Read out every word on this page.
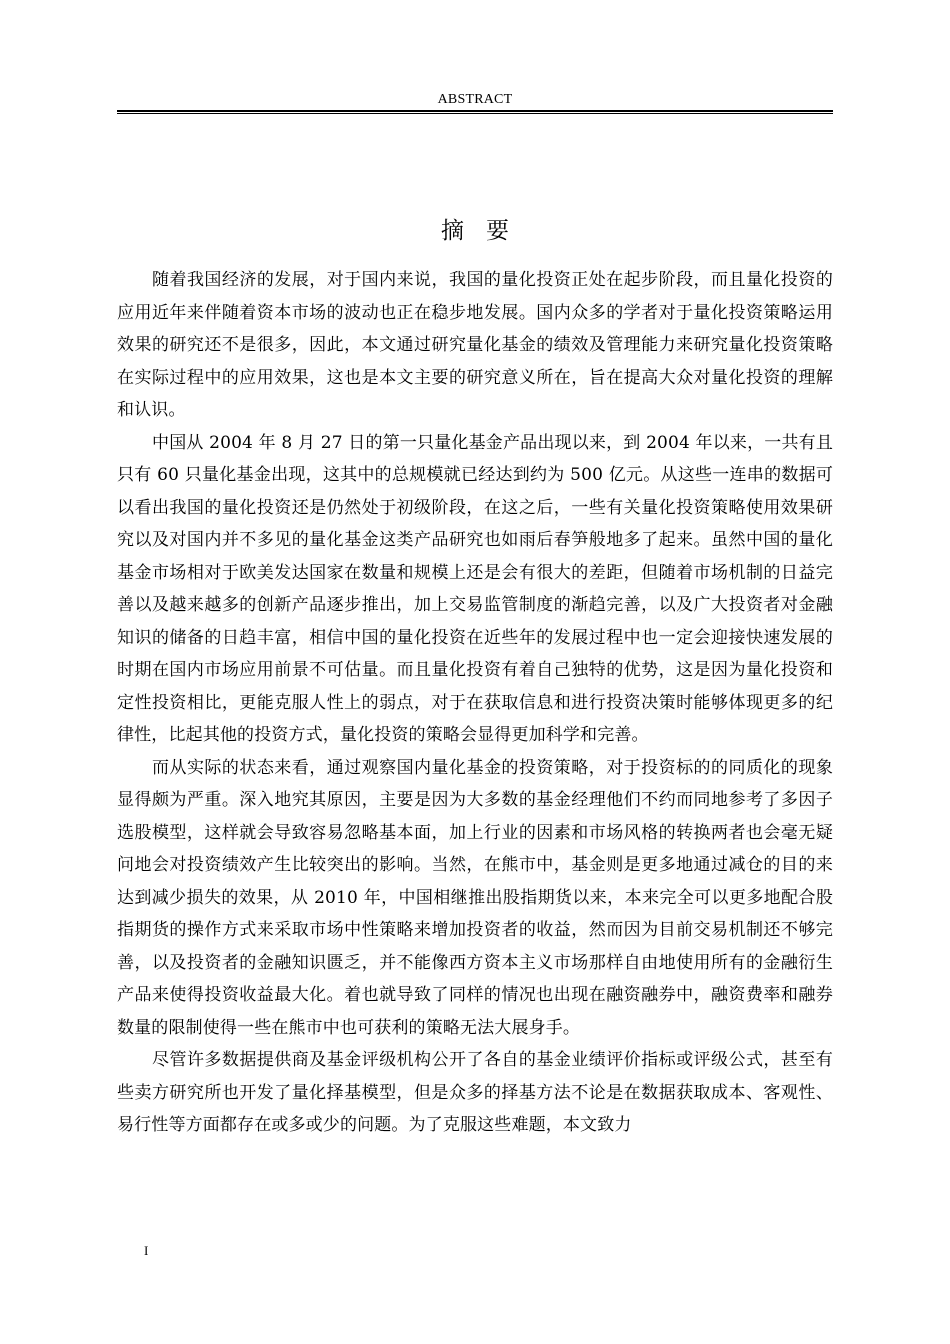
ABSTRACT
摘要

随着我国经济的发展，对于国内来说，我国的量化投资正处在起步阶段，而且量化投资的应用近年来伴随着资本市场的波动也正在稳步地发展。国内众多的学者对于量化投资策略运用效果的研究还不是很多，因此，本文通过研究量化基金的绩效及管理能力来研究量化投资策略在实际过程中的应用效果，这也是本文主要的研究意义所在，旨在提高大众对量化投资的理解和认识。

中国从 2004 年 8 月 27 日的第一只量化基金产品出现以来，到 2004 年以来，一共有且只有 60 只量化基金出现，这其中的总规模就已经达到约为 500 亿元。从这些一连串的数据可以看出我国的量化投资还是仍然处于初级阶段，在这之后，一些有关量化投资策略使用效果研究以及对国内并不多见的量化基金这类产品研究也如雨后春笋般地多了起来。虽然中国的量化基金市场相对于欧美发达国家在数量和规模上还是会有很大的差距，但随着市场机制的日益完善以及越来越多的创新产品逐步推出，加上交易监管制度的渐趋完善，以及广大投资者对金融知识的储备的日趋丰富，相信中国的量化投资在近些年的发展过程中也一定会迎接快速发展的时期在国内市场应用前景不可估量。而且量化投资有着自己独特的优势，这是因为量化投资和定性投资相比，更能克服人性上的弱点，对于在获取信息和进行投资决策时能够体现更多的纪律性，比起其他的投资方式，量化投资的策略会显得更加科学和完善。

而从实际的状态来看，通过观察国内量化基金的投资策略，对于投资标的的同质化的现象显得颇为严重。深入地究其原因，主要是因为大多数的基金经理他们不约而同地参考了多因子选股模型，这样就会导致容易忽略基本面，加上行业的因素和市场风格的转换两者也会毫无疑问地会对投资绩效产生比较突出的影响。当然，在熊市中，基金则是更多地通过减仓的目的来达到减少损失的效果，从 2010 年，中国相继推出股指期货以来，本来完全可以更多地配合股指期货的操作方式来采取市场中性策略来增加投资者的收益，然而因为目前交易机制还不够完善，以及投资者的金融知识匮乏，并不能像西方资本主义市场那样自由地使用所有的金融衍生产品来使得投资收益最大化。着也就导致了同样的情况也出现在融资融券中，融资费率和融券数量的限制使得一些在熊市中也可获利的策略无法大展身手。

尽管许多数据提供商及基金评级机构公开了各自的基金业绩评价指标或评级公式，甚至有些卖方研究所也开发了量化择基模型，但是众多的择基方法不论是在数据获取成本、客观性、易行性等方面都存在或多或少的问题。为了克服这些难题，本文致力

I
